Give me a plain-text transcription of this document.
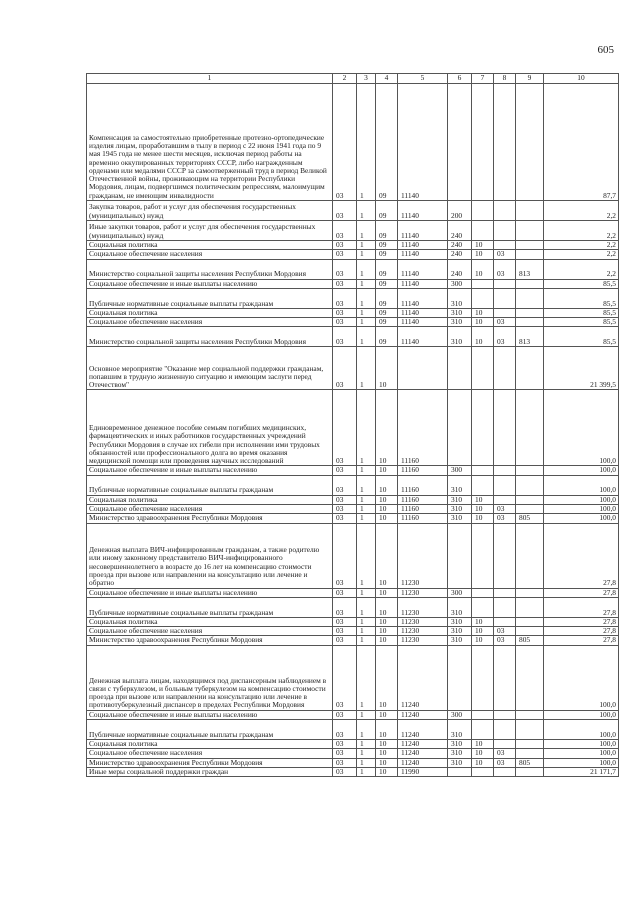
605
1	2	3	4	5	6	7	8	9	10
Компенсация за самостоятельно приобретенные протезно-ортопедические изделия лицам, проработавшим в тылу в период с 22 июня 1941 года по 9 мая 1945 года не менее шести месяцев, исключая период работы на временно оккупированных территориях СССР, либо награжденным орденами или медалями СССР за самоотверженный труд в период Великой Отечественной войны, проживающим на территории Республики Мордовия, лицам, подвергшимся политическим репрессиям, малоимущим гражданам, не имеющим инвалидности	03	1	09	11140					87,7
Закупка товаров, работ и услуг для обеспечения государственных (муниципальных) нужд	03	1	09	11140	200				2,2
Иные закупки товаров, работ и услуг для обеспечения государственных (муниципальных) нужд	03	1	09	11140	240				2,2
Социальная политика	03	1	09	11140	240	10			2,2
Социальное обеспечение населения	03	1	09	11140	240	10	03		2,2
Министерство социальной защиты населения Республики Мордовия	03	1	09	11140	240	10	03	813	2,2
Социальное обеспечение и иные выплаты населению	03	1	09	11140	300				85,5
Публичные нормативные социальные выплаты гражданам	03	1	09	11140	310				85,5
Социальная политика	03	1	09	11140	310	10			85,5
Социальное обеспечение населения	03	1	09	11140	310	10	03		85,5
Министерство социальной защиты населения Республики Мордовия	03	1	09	11140	310	10	03	813	85,5
Основное мероприятие "Оказание мер социальной поддержки гражданам, попавшим в трудную жизненную ситуацию и имеющим заслуги перед Отечеством"	03	1	10						21 399,5
Единовременное денежное пособие семьям погибших медицинских, фармацевтических и иных работников государственных учреждений Республики Мордовия в случае их гибели при исполнении ими трудовых обязанностей или профессионального долга во время оказания медицинской помощи или проведения научных исследований	03	1	10	11160					100,0
Социальное обеспечение и иные выплаты населению	03	1	10	11160	300				100,0
Публичные нормативные социальные выплаты гражданам	03	1	10	11160	310				100,0
Социальная политика	03	1	10	11160	310	10			100,0
Социальное обеспечение населения	03	1	10	11160	310	10	03		100,0
Министерство здравоохранения Республики Мордовия	03	1	10	11160	310	10	03	805	100,0
Денежная выплата ВИЧ-инфицированным гражданам, а также родителю или иному законному представителю ВИЧ-инфицированного несовершеннолетнего в возрасте до 16 лет на компенсацию стоимости проезда при вызове или направлении на консультацию или лечение и обратно	03	1	10	11230					27,8
Социальное обеспечение и иные выплаты населению	03	1	10	11230	300				27,8
Публичные нормативные социальные выплаты гражданам	03	1	10	11230	310				27,8
Социальная политика	03	1	10	11230	310	10			27,8
Социальное обеспечение населения	03	1	10	11230	310	10	03		27,8
Министерство здравоохранения Республики Мордовия	03	1	10	11230	310	10	03	805	27,8
Денежная выплата лицам, находящимся под диспансерным наблюдением в связи с туберкулезом, и больным туберкулезом на компенсацию стоимости проезда при вызове или направлении на консультацию или лечение в противотуберкулезный диспансер в пределах Республики Мордовия	03	1	10	11240					100,0
Социальное обеспечение и иные выплаты населению	03	1	10	11240	300				100,0
Публичные нормативные социальные выплаты гражданам	03	1	10	11240	310				100,0
Социальная политика	03	1	10	11240	310	10			100,0
Социальное обеспечение населения	03	1	10	11240	310	10	03		100,0
Министерство здравоохранения Республики Мордовия	03	1	10	11240	310	10	03	805	100,0
Иные меры социальной поддержки граждан	03	1	10	11990					21 171,7
